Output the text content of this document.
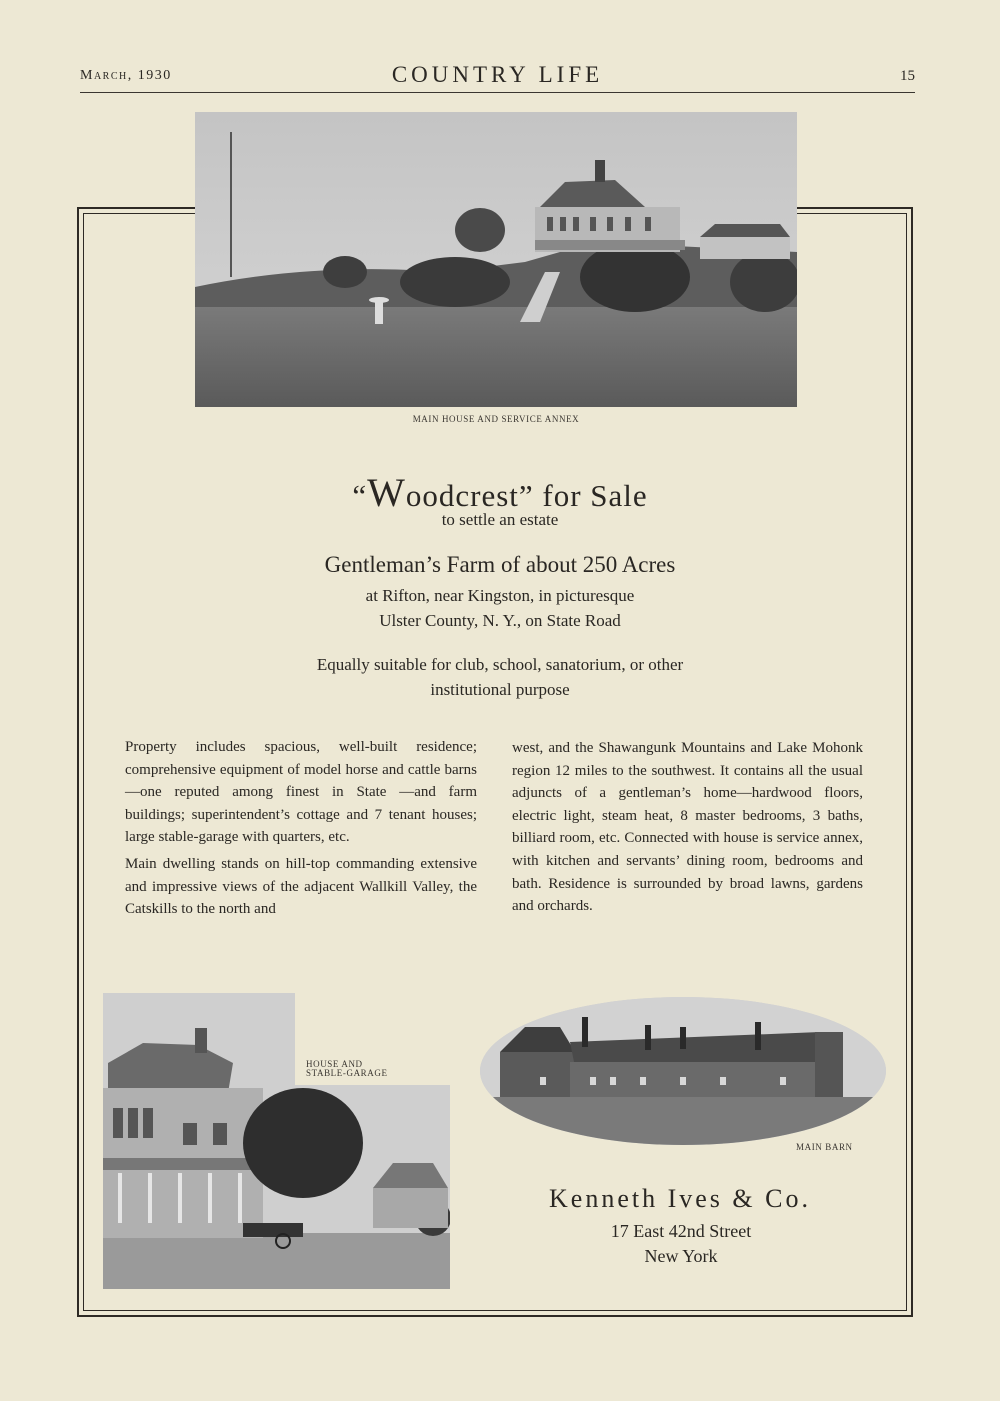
March, 1930	COUNTRY LIFE	15
MAIN HOUSE AND SERVICE ANNEX
“Woodcrest” for Sale
to settle an estate
Gentleman’s Farm of about 250 Acres
at Rifton, near Kingston, in picturesque
Ulster County, N. Y., on State Road
Equally suitable for club, school, sanatorium, or other
institutional purpose

Property includes spacious, well-built residence; comprehensive equipment of model horse and cattle barns—one reputed among finest in State —and farm buildings; superintendent’s cottage and 7 tenant houses; large stable-garage with quarters, etc.

Main dwelling stands on hill-top commanding extensive and impressive views of the adjacent Wallkill Valley, the Catskills to the north and

west, and the Shawangunk Mountains and Lake Mohonk region 12 miles to the southwest. It contains all the usual adjuncts of a gentleman’s home—hardwood floors, electric light, steam heat, 8 master bedrooms, 3 baths, billiard room, etc. Connected with house is service annex, with kitchen and servants’ dining room, bedrooms and bath. Residence is surrounded by broad lawns, gardens and orchards.

HOUSE AND
STABLE-GARAGE
MAIN BARN
Kenneth Ives & Co.
17 East 42nd Street
New York
